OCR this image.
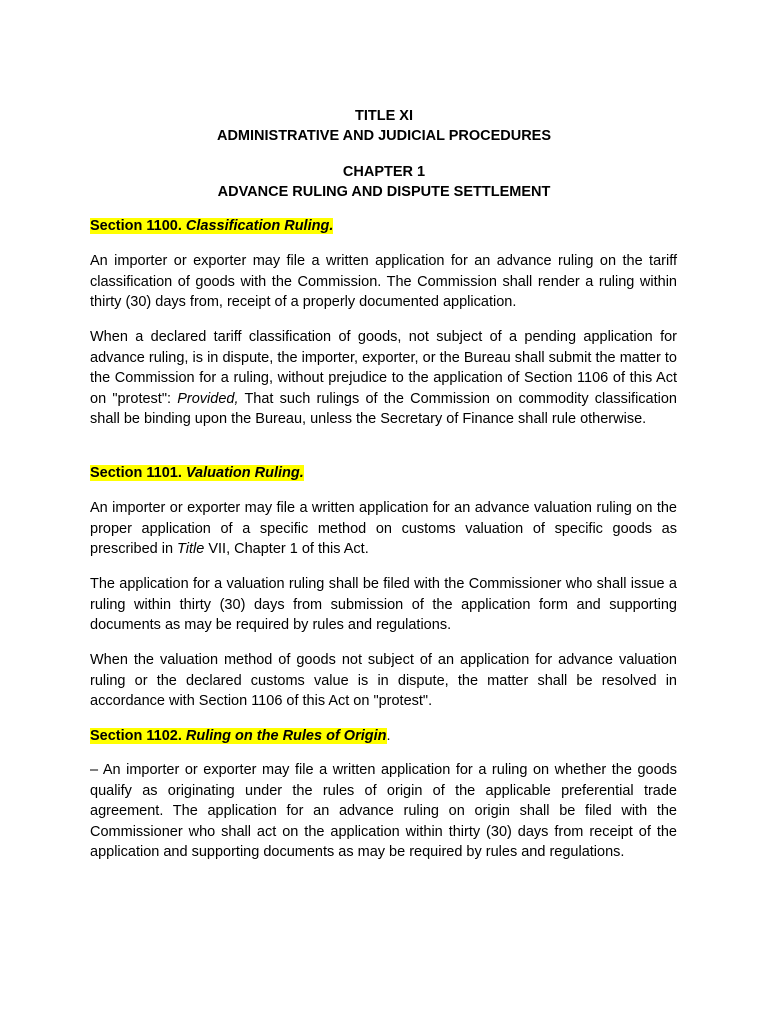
TITLE XI
ADMINISTRATIVE AND JUDICIAL PROCEDURES
CHAPTER 1
ADVANCE RULING AND DISPUTE SETTLEMENT
Section 1100. Classification Ruling.

An importer or exporter may file a written application for an advance ruling on the tariff classification of goods with the Commission. The Commission shall render a ruling within thirty (30) days from, receipt of a properly documented application.

When a declared tariff classification of goods, not subject of a pending application for advance ruling, is in dispute, the importer, exporter, or the Bureau shall submit the matter to the Commission for a ruling, without prejudice to the application of Section 1106 of this Act on "protest": Provided, That such rulings of the Commission on commodity classification shall be binding upon the Bureau, unless the Secretary of Finance shall rule otherwise.

Section 1101. Valuation Ruling.

An importer or exporter may file a written application for an advance valuation ruling on the proper application of a specific method on customs valuation of specific goods as prescribed in Title VII, Chapter 1 of this Act.

The application for a valuation ruling shall be filed with the Commissioner who shall issue a ruling within thirty (30) days from submission of the application form and supporting documents as may be required by rules and regulations.

When the valuation method of goods not subject of an application for advance valuation ruling or the declared customs value is in dispute, the matter shall be resolved in accordance with Section 1106 of this Act on "protest".

Section 1102. Ruling on the Rules of Origin.

– An importer or exporter may file a written application for a ruling on whether the goods qualify as originating under the rules of origin of the applicable preferential trade agreement. The application for an advance ruling on origin shall be filed with the Commissioner who shall act on the application within thirty (30) days from receipt of the application and supporting documents as may be required by rules and regulations.
